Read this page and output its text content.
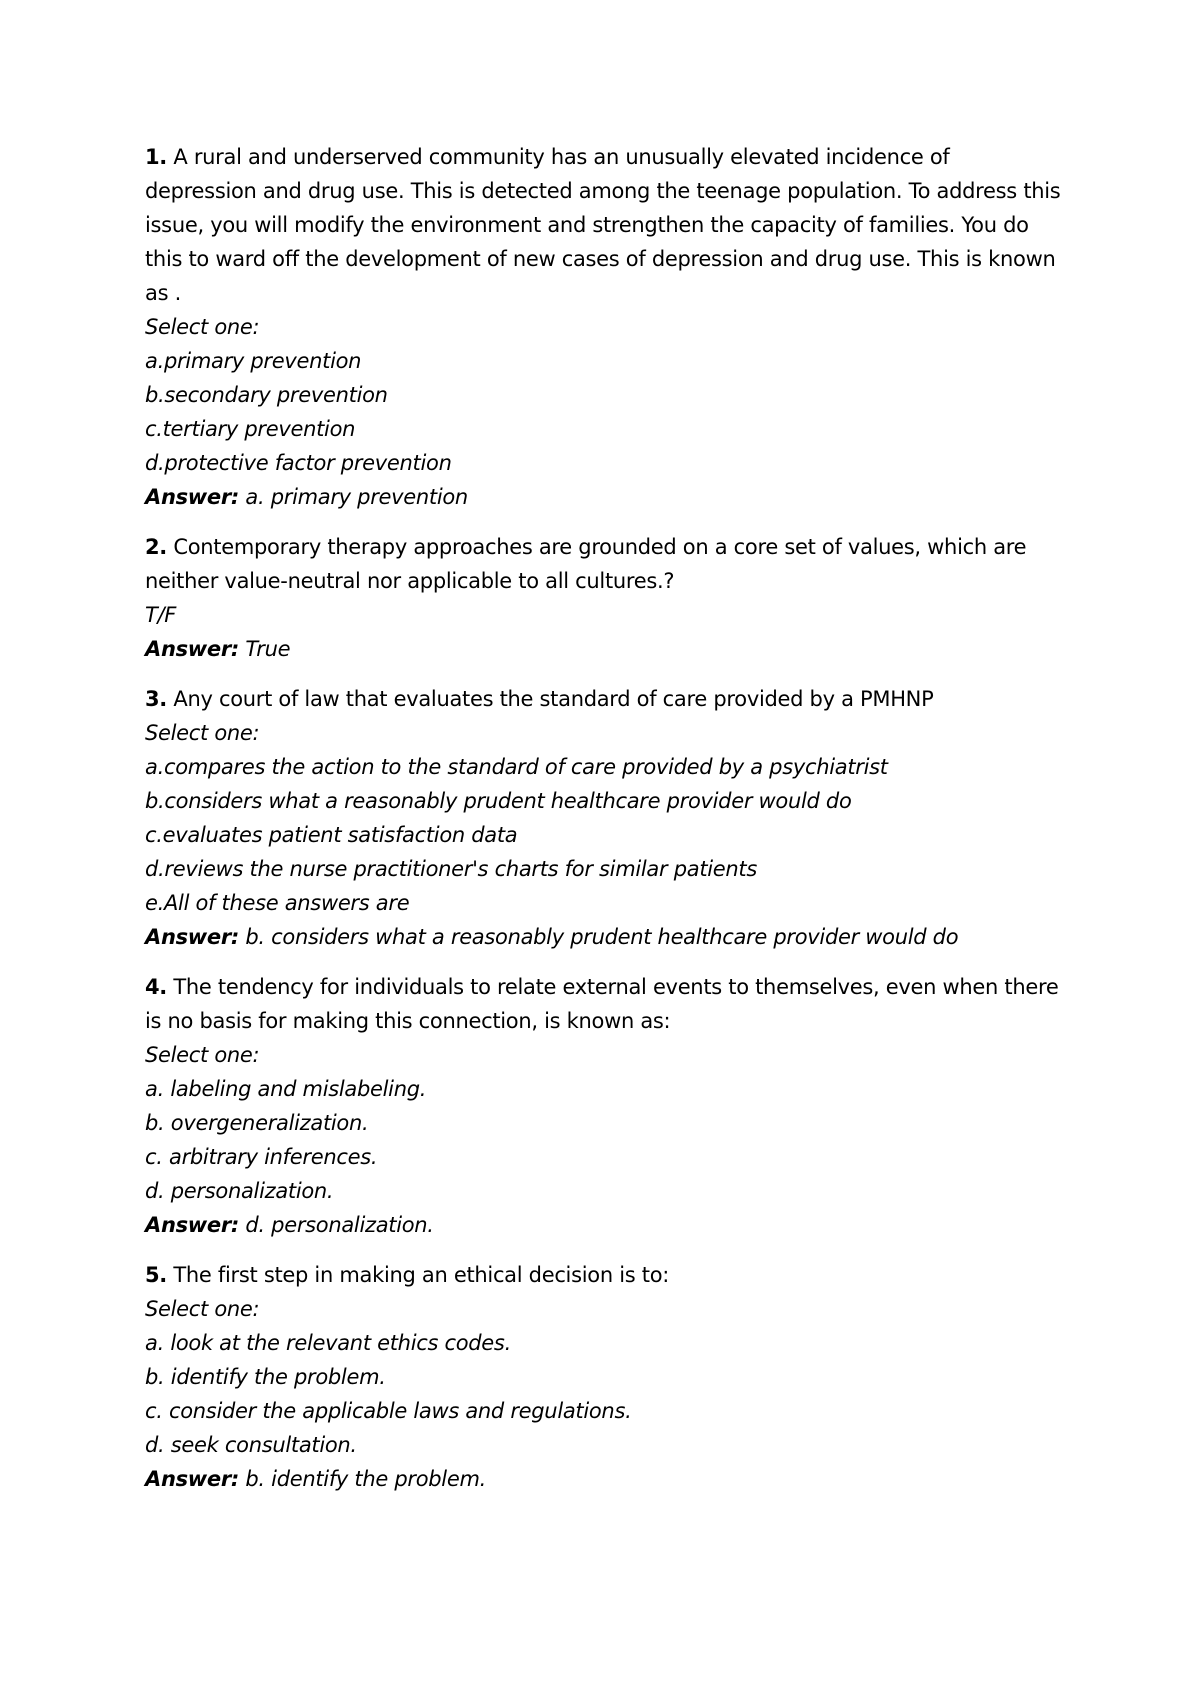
1. A rural and underserved community has an unusually elevated incidence of depression and drug use. This is detected among the teenage population. To address this issue, you will modify the environment and strengthen the capacity of families. You do this to ward off the development of new cases of depression and drug use. This is known as .

Select one:

a.primary prevention

b.secondary prevention

c.tertiary prevention

d.protective factor prevention

Answer: a. primary prevention

2. Contemporary therapy approaches are grounded on a core set of values, which are neither value-neutral nor applicable to all cultures.?

T/F

Answer: True

3. Any court of law that evaluates the standard of care provided by a PMHNP

Select one:

a.compares the action to the standard of care provided by a psychiatrist

b.considers what a reasonably prudent healthcare provider would do

c.evaluates patient satisfaction data

d.reviews the nurse practitioner's charts for similar patients

e.All of these answers are

Answer: b. considers what a reasonably prudent healthcare provider would do

4. The tendency for individuals to relate external events to themselves, even when there is no basis for making this connection, is known as:

Select one:

a. labeling and mislabeling.

b. overgeneralization.

c. arbitrary inferences.

d. personalization.

Answer: d. personalization.

5. The first step in making an ethical decision is to:

Select one:

a. look at the relevant ethics codes.

b. identify the problem.

c. consider the applicable laws and regulations.

d. seek consultation.

Answer: b. identify the problem.
